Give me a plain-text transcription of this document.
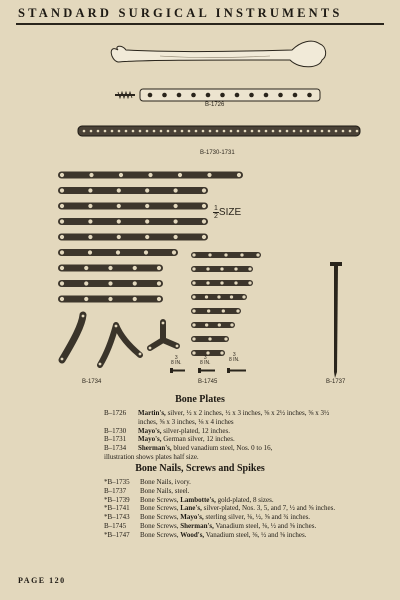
STANDARD SURGICAL INSTRUMENTS
B-1726
B-1730-1731
$\frac{1}{2}SIZE$
3
8 IN.
3
8 IN.
3
8 IN.
B-1734	B-1745	B-1737
Bone Plates
B–1726	Martin's, silver, ½ x 2 inches, ½ x 3 inches, ⅝ x 2½ inches, ⅝ x 3½ inches, ⅝ x 3 inches, ⅛ x 4 inches
B–1730	Mayo's, silver-plated, 12 inches.
B–1731	Mayo's, German silver, 12 inches.
B–1734	Sherman's, blued vanadium steel, Nos. 0 to 16,
illustration shows plates half size.
Bone Nails, Screws and Spikes
*B–1735	Bone Nails, ivory.
B–1737	Bone Nails, steel.
*B–1739	Bone Screws, Lambotte's, gold-plated, 8 sizes.
*B–1741	Bone Screws, Lane's, silver-plated, Nos. 3, 5, and 7, ½ and ⅝ inches.
*B–1743	Bone Screws, Mayo's, sterling silver, ⅜, ½, ⅝ and ¾ inches.
B–1745	Bone Screws, Sherman's, Vanadium steel, ⅜, ½ and ⅝ inches.
*B–1747	Bone Screws, Wood's, Vanadium steel, ⅜, ½ and ⅝ inches.
PAGE 120
